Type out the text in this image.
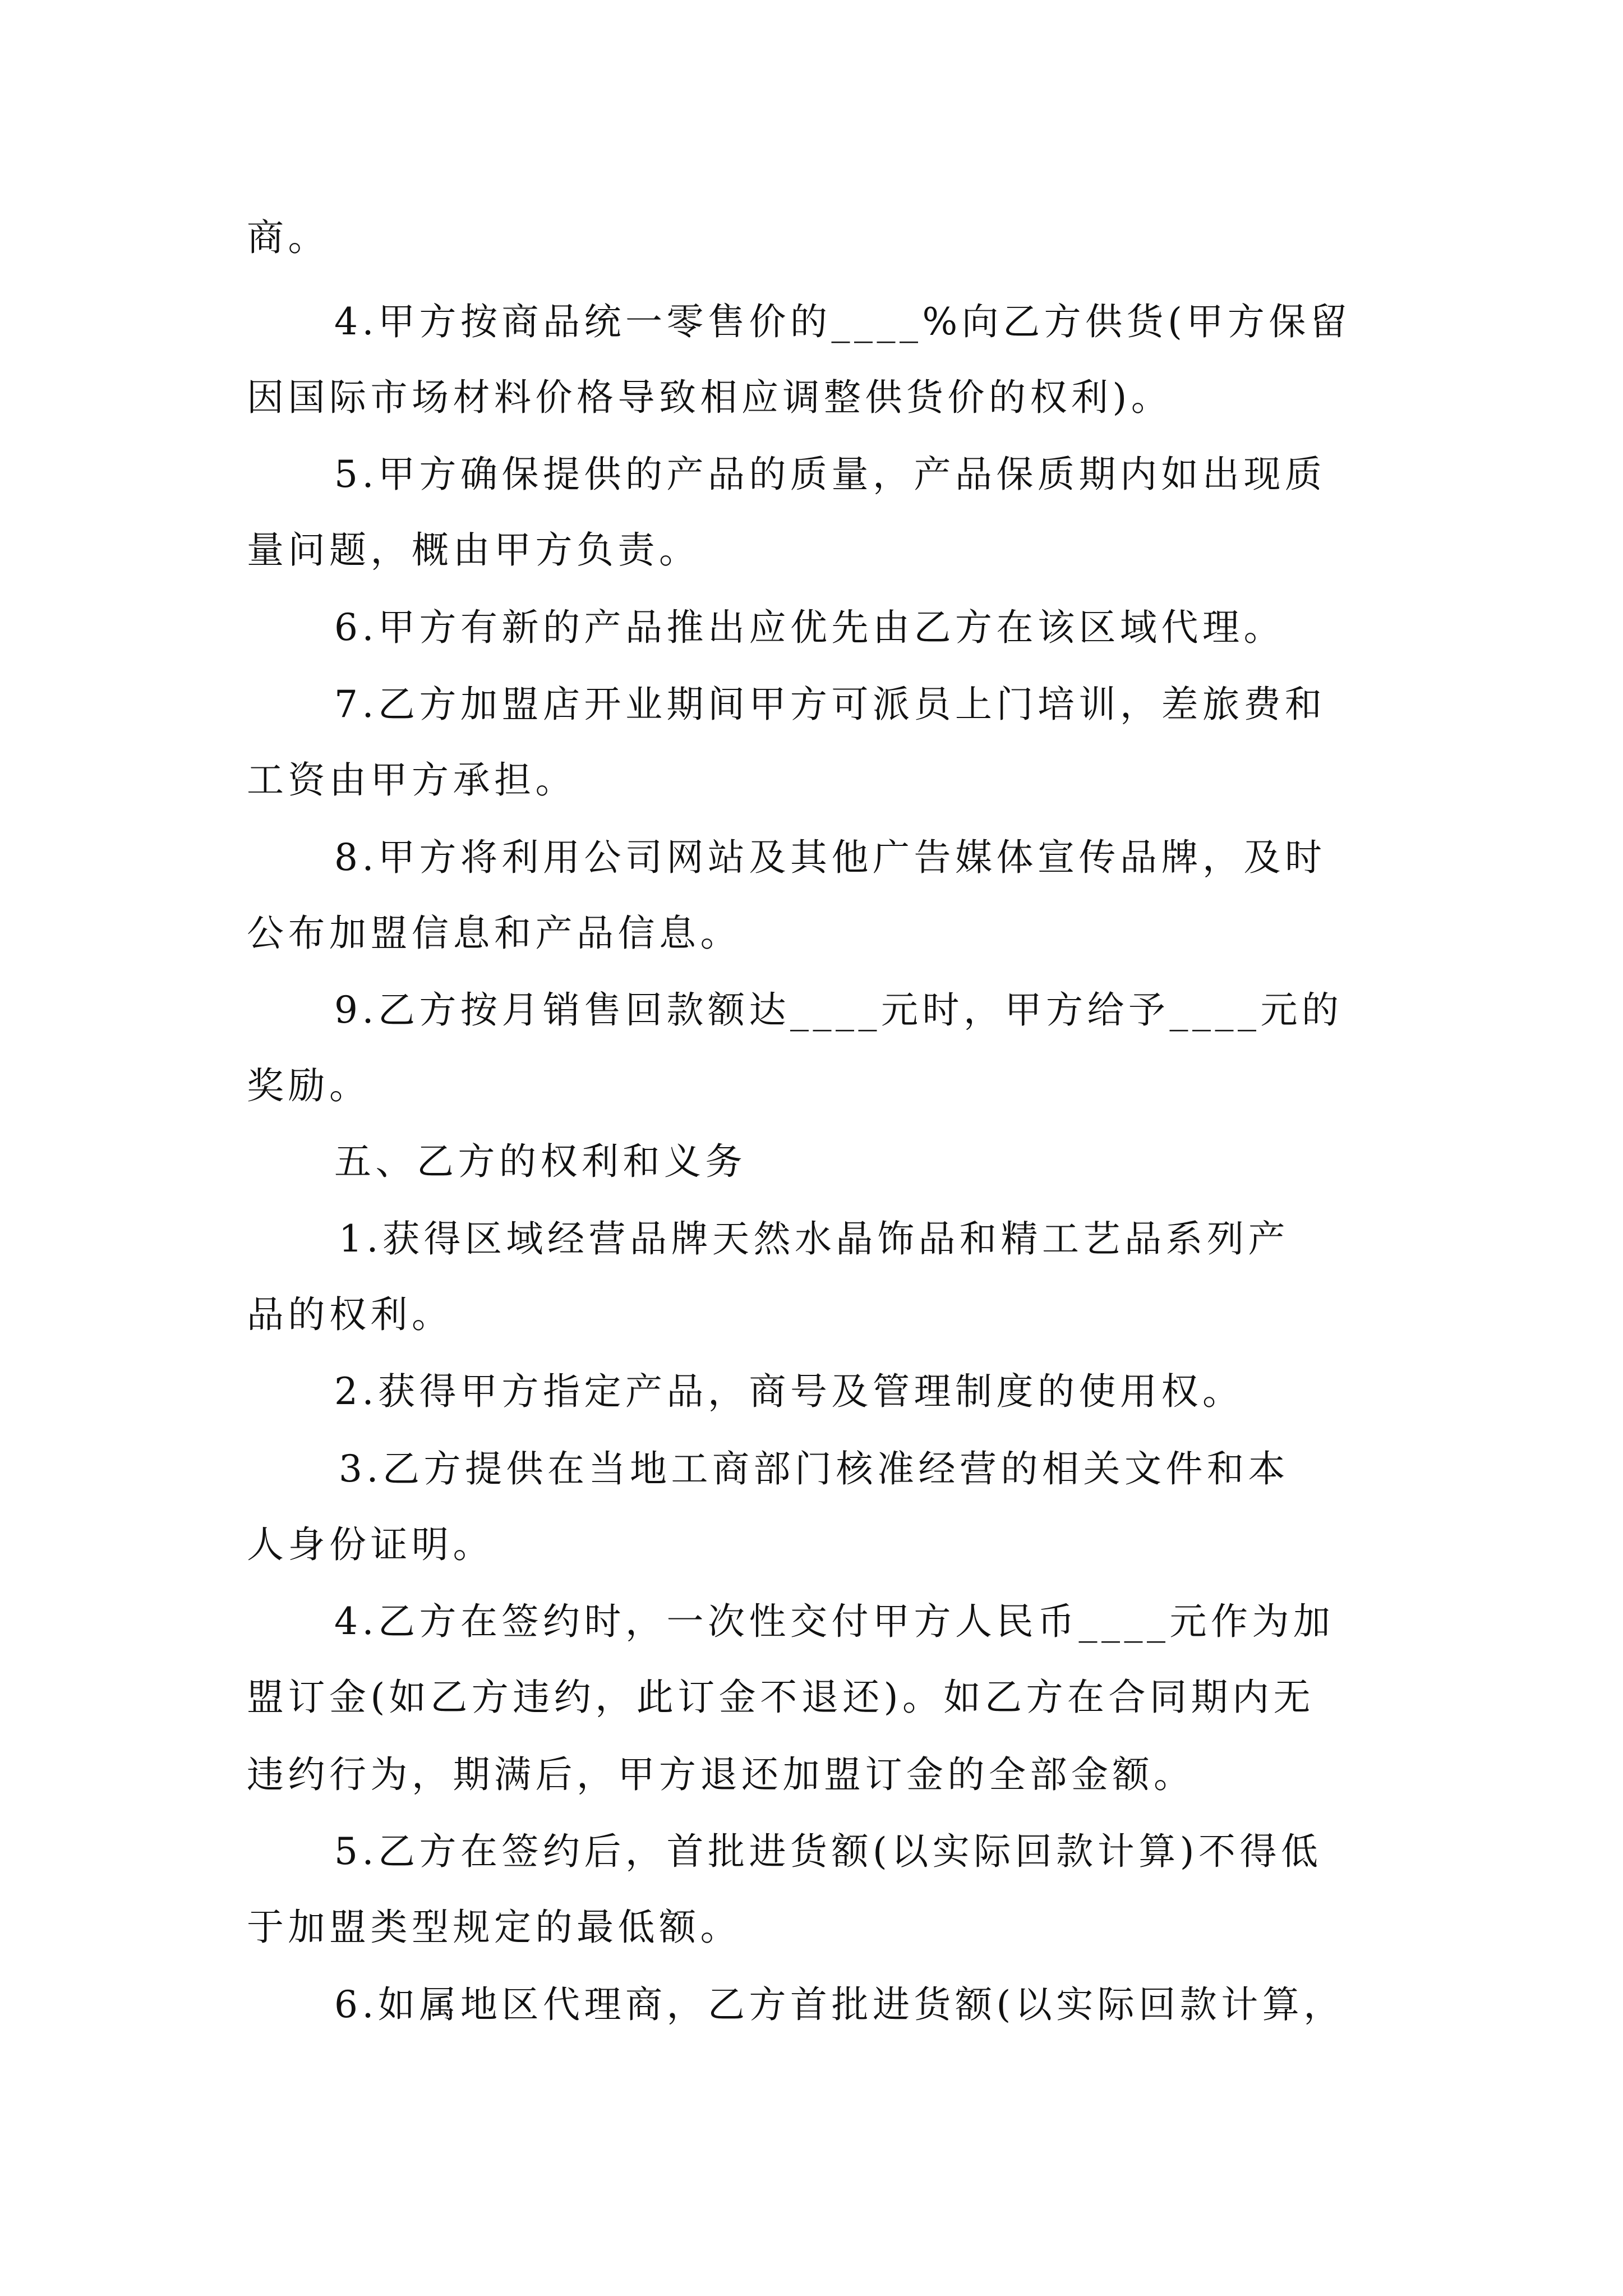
商。
4.甲方按商品统一零售价的____%向乙方供货(甲方保留
因国际市场材料价格导致相应调整供货价的权利)。
5.甲方确保提供的产品的质量，产品保质期内如出现质
量问题，概由甲方负责。
6.甲方有新的产品推出应优先由乙方在该区域代理。
7.乙方加盟店开业期间甲方可派员上门培训，差旅费和
工资由甲方承担。
8.甲方将利用公司网站及其他广告媒体宣传品牌，及时
公布加盟信息和产品信息。
9.乙方按月销售回款额达____元时，甲方给予____元的
奖励。
五、乙方的权利和义务
1.获得区域经营品牌天然水晶饰品和精工艺品系列产
品的权利。
2.获得甲方指定产品，商号及管理制度的使用权。
3.乙方提供在当地工商部门核准经营的相关文件和本
人身份证明。
4.乙方在签约时，一次性交付甲方人民币____元作为加
盟订金(如乙方违约，此订金不退还)。如乙方在合同期内无
违约行为，期满后，甲方退还加盟订金的全部金额。
5.乙方在签约后，首批进货额(以实际回款计算)不得低
于加盟类型规定的最低额。
6.如属地区代理商，乙方首批进货额(以实际回款计算，
